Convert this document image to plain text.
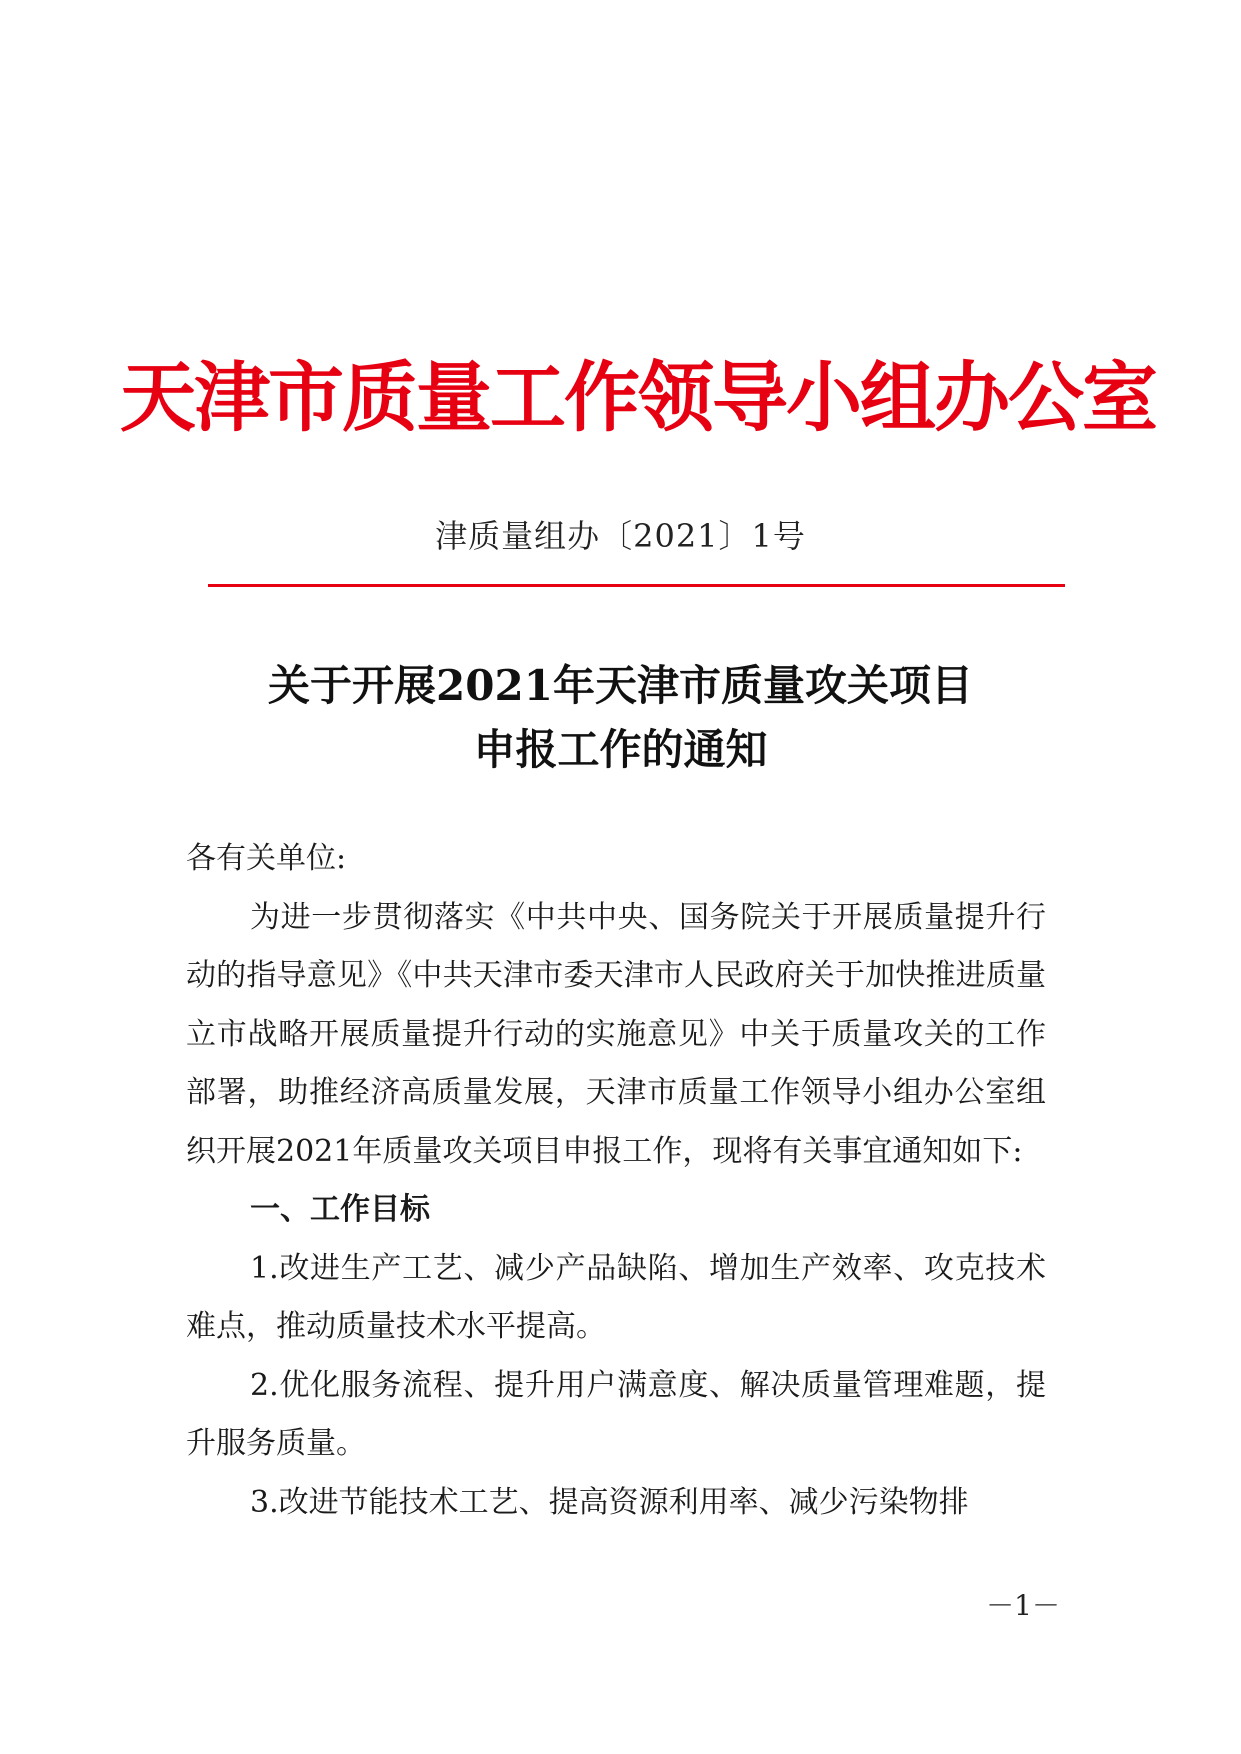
天津市质量工作领导小组办公室
津质量组办〔2021〕1号
关于开展2021年天津市质量攻关项目
申报工作的通知

各有关单位:

为进一步贯彻落实《中共中央、国务院关于开展质量提升行动的指导意见》《中共天津市委天津市人民政府关于加快推进质量立市战略开展质量提升行动的实施意见》中关于质量攻关的工作部署，助推经济高质量发展，天津市质量工作领导小组办公室组织开展2021年质量攻关项目申报工作，现将有关事宜通知如下:

一、工作目标

1.改进生产工艺、减少产品缺陷、增加生产效率、攻克技术难点，推动质量技术水平提高。

2.优化服务流程、提升用户满意度、解决质量管理难题，提升服务质量。

3.改进节能技术工艺、提高资源利用率、减少污染物排

－1－
